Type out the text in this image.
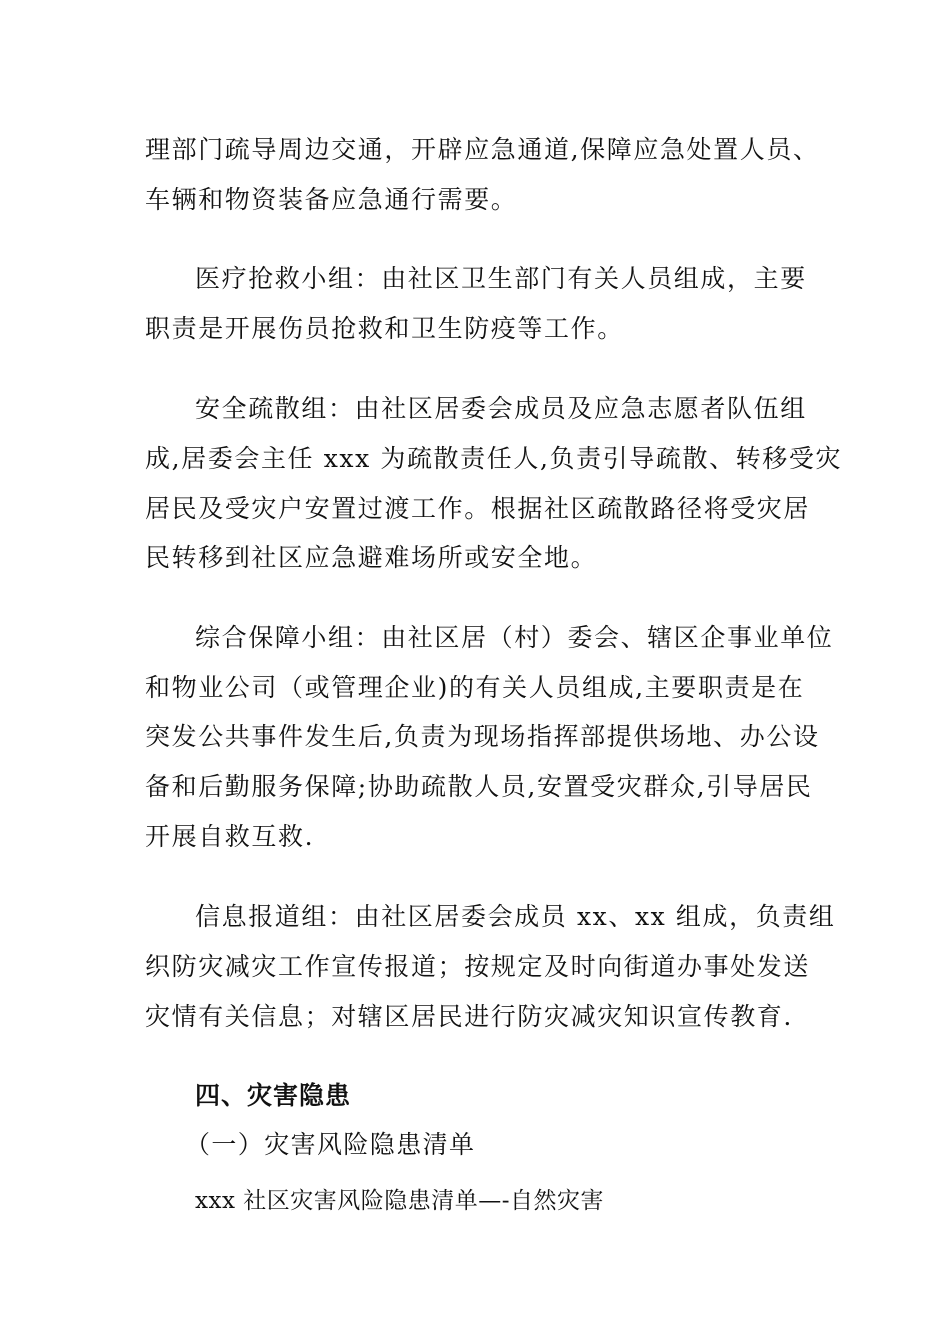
理部门疏导周边交通，开辟应急通道,保障应急处置人员、
车辆和物资装备应急通行需要。
医疗抢救小组：由社区卫生部门有关人员组成，主要
职责是开展伤员抢救和卫生防疫等工作。
安全疏散组：由社区居委会成员及应急志愿者队伍组
成,居委会主任 xxx 为疏散责任人,负责引导疏散、转移受灾
居民及受灾户安置过渡工作。根据社区疏散路径将受灾居
民转移到社区应急避难场所或安全地。
综合保障小组：由社区居（村）委会、辖区企事业单位
和物业公司（或管理企业)的有关人员组成,主要职责是在
突发公共事件发生后,负责为现场指挥部提供场地、办公设
备和后勤服务保障;协助疏散人员,安置受灾群众,引导居民
开展自救互救.
信息报道组：由社区居委会成员 xx、xx 组成，负责组
织防灾减灾工作宣传报道；按规定及时向街道办事处发送
灾情有关信息；对辖区居民进行防灾减灾知识宣传教育.
四、灾害隐患
（一）灾害风险隐患清单
xxx 社区灾害风险隐患清单—-自然灾害
